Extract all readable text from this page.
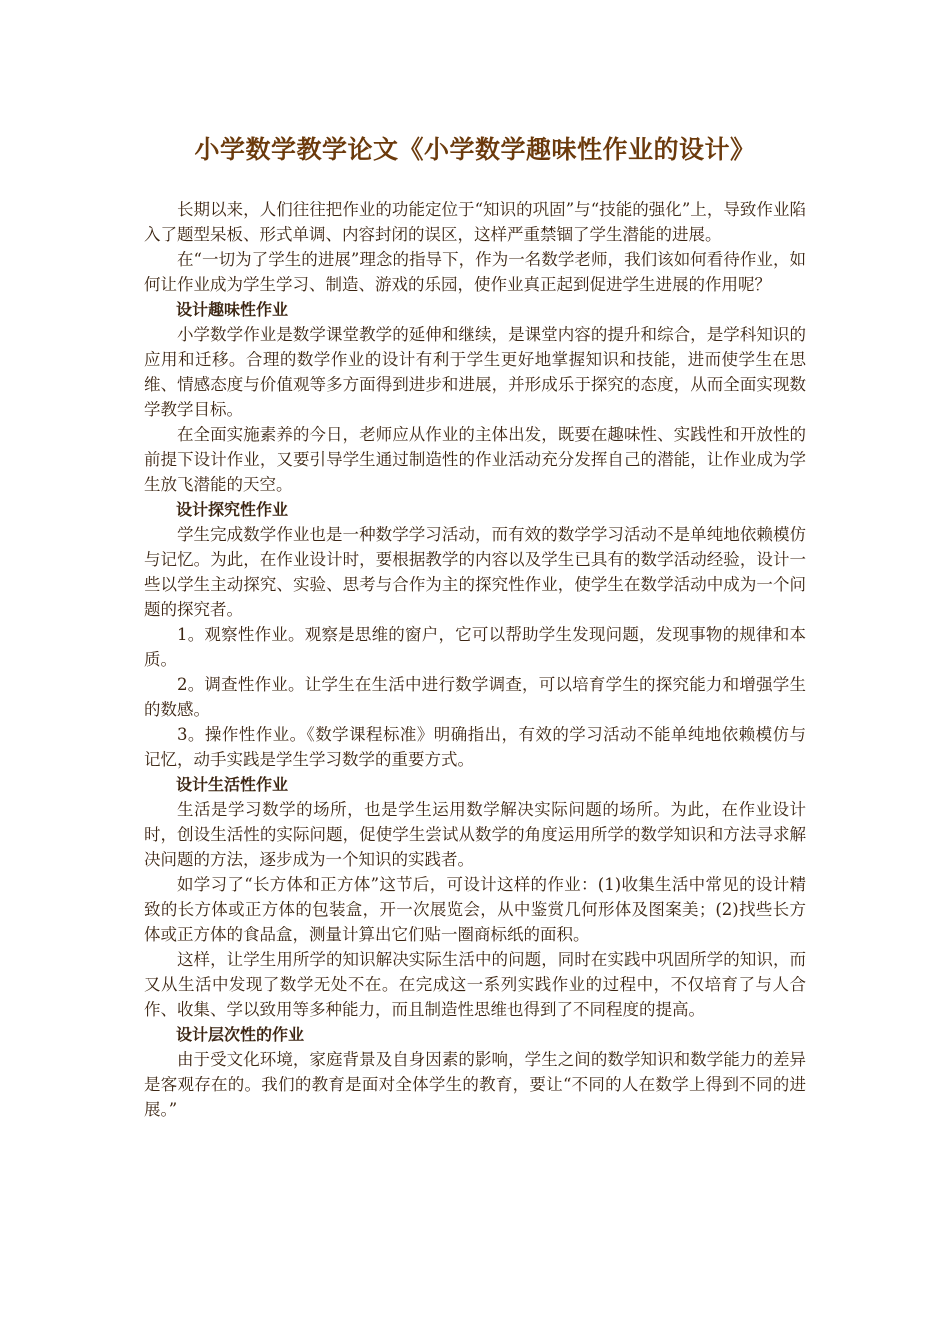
小学数学教学论文《小学数学趣味性作业的设计》

长期以来，人们往往把作业的功能定位于“知识的巩固”与“技能的强化”上，导致作业陷入了题型呆板、形式单调、内容封闭的误区，这样严重禁锢了学生潜能的进展。

在“一切为了学生的进展”理念的指导下，作为一名数学老师，我们该如何看待作业，如何让作业成为学生学习、制造、游戏的乐园，使作业真正起到促进学生进展的作用呢？

设计趣味性作业

小学数学作业是数学课堂教学的延伸和继续，是课堂内容的提升和综合，是学科知识的应用和迁移。合理的数学作业的设计有利于学生更好地掌握知识和技能，进而使学生在思维、情感态度与价值观等多方面得到进步和进展，并形成乐于探究的态度，从而全面实现数学教学目标。

在全面实施素养的今日，老师应从作业的主体出发，既要在趣味性、实践性和开放性的前提下设计作业，又要引导学生通过制造性的作业活动充分发挥自己的潜能，让作业成为学生放飞潜能的天空。

设计探究性作业

学生完成数学作业也是一种数学学习活动，而有效的数学学习活动不是单纯地依赖模仿与记忆。为此，在作业设计时，要根据教学的内容以及学生已具有的数学活动经验，设计一些以学生主动探究、实验、思考与合作为主的探究性作业，使学生在数学活动中成为一个问题的探究者。

1。观察性作业。观察是思维的窗户，它可以帮助学生发现问题，发现事物的规律和本质。

2。调查性作业。让学生在生活中进行数学调查，可以培育学生的探究能力和增强学生的数感。

3。操作性作业。《数学课程标准》明确指出，有效的学习活动不能单纯地依赖模仿与记忆，动手实践是学生学习数学的重要方式。

设计生活性作业

生活是学习数学的场所，也是学生运用数学解决实际问题的场所。为此，在作业设计时，创设生活性的实际问题，促使学生尝试从数学的角度运用所学的数学知识和方法寻求解决问题的方法，逐步成为一个知识的实践者。

如学习了“长方体和正方体”这节后，可设计这样的作业：(1)收集生活中常见的设计精致的长方体或正方体的包装盒，开一次展览会，从中鉴赏几何形体及图案美；(2)找些长方体或正方体的食品盒，测量计算出它们贴一圈商标纸的面积。

这样，让学生用所学的知识解决实际生活中的问题，同时在实践中巩固所学的知识，而又从生活中发现了数学无处不在。在完成这一系列实践作业的过程中，不仅培育了与人合作、收集、学以致用等多种能力，而且制造性思维也得到了不同程度的提高。

设计层次性的作业

由于受文化环境，家庭背景及自身因素的影响，学生之间的数学知识和数学能力的差异是客观存在的。我们的教育是面对全体学生的教育，要让“不同的人在数学上得到不同的进展。”
